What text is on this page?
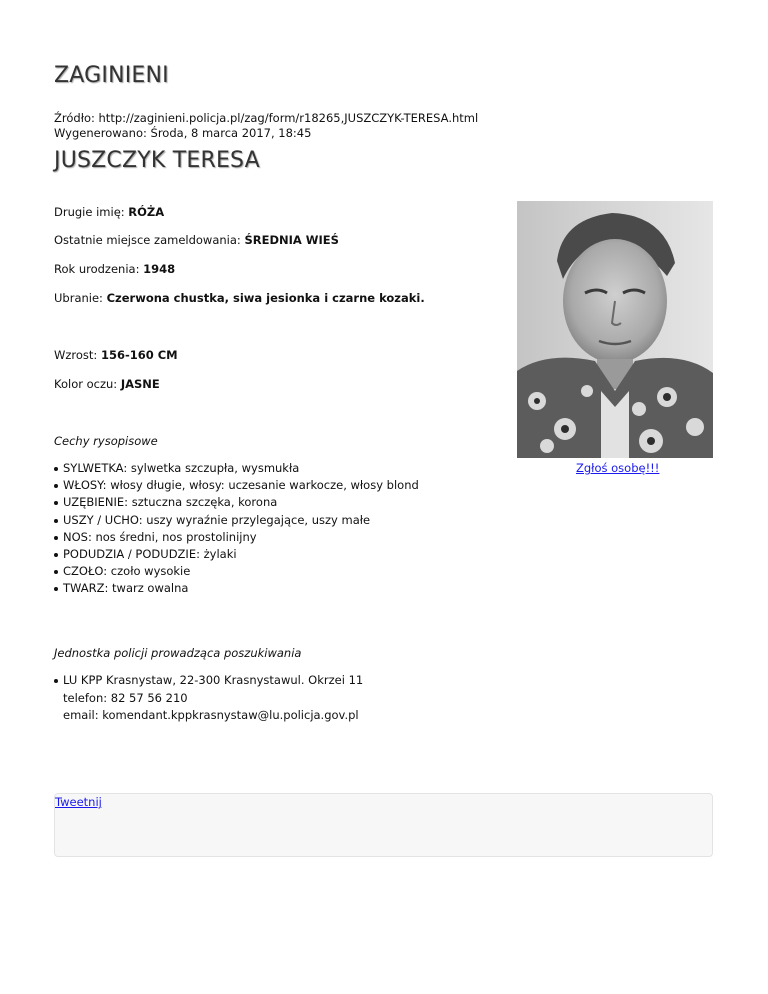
ZAGINIENI
Źródło: http://zaginieni.policja.pl/zag/form/r18265,JUSZCZYK-TERESA.html
Wygenerowano: Środa, 8 marca 2017, 18:45
JUSZCZYK TERESA
Drugie imię: RÓŻA
Ostatnie miejsce zameldowania: ŚREDNIA WIEŚ
Rok urodzenia: 1948
Ubranie: Czerwona chustka, siwa jesionka i czarne kozaki.
Wzrost: 156-160 CM
Kolor oczu: JASNE
Cechy rysopisowe
SYLWETKA: sylwetka szczupła, wysmukła
WŁOSY: włosy długie, włosy: uczesanie warkocze, włosy blond
UZĘBIENIE: sztuczna szczęka, korona
USZY / UCHO: uszy wyraźnie przylegające, uszy małe
NOS: nos średni, nos prostolinijny
PODUDZIA / PODUDZIE: żylaki
CZOŁO: czoło wysokie
TWARZ: twarz owalna
Jednostka policji prowadząca poszukiwania
LU KPP Krasnystaw, 22-300 Krasnystawul. Okrzei 11
telefon: 82 57 56 210
email: komendant.kppkrasnystaw@lu.policja.gov.pl
Zgłoś osobę!!!
Tweetnij
